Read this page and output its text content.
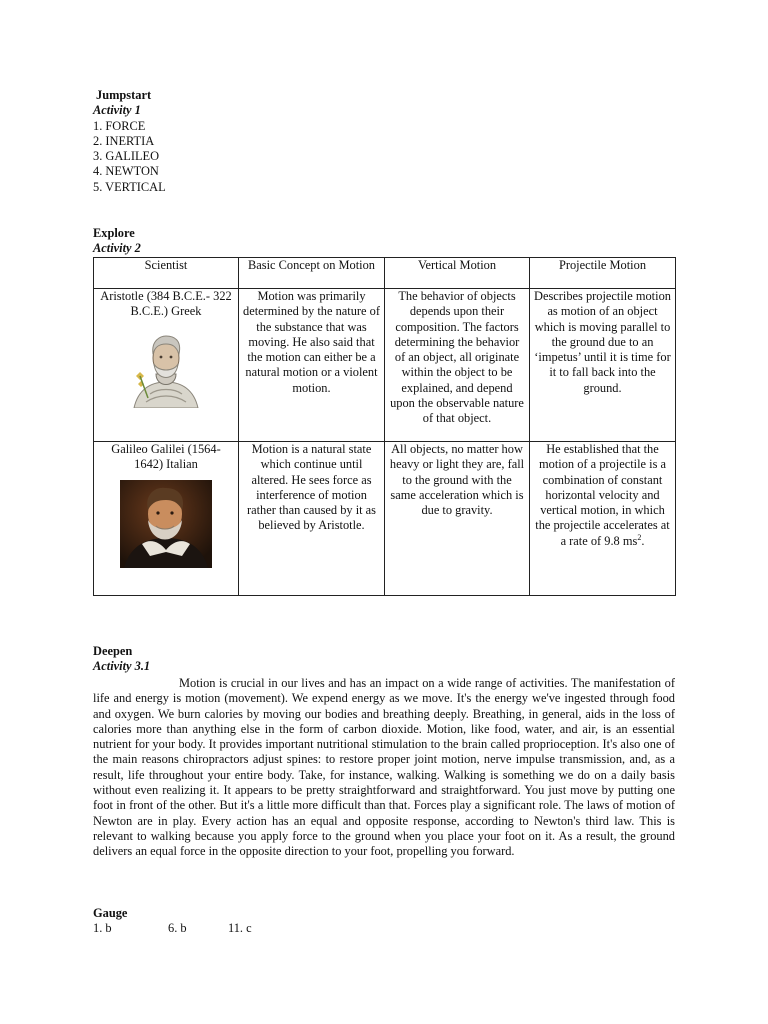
Jumpstart
Activity 1
1. FORCE
2. INERTIA
3. GALILEO
4. NEWTON
5. VERTICAL
Explore
Activity 2
Scientist	Basic Concept on Motion	Vertical Motion	Projectile Motion

Aristotle (384 B.C.E.- 322 B.C.E.) Greek	Motion was primarily determined by the nature of the substance that was moving. He also said that the motion can either be a natural motion or a violent motion.	The behavior of objects depends upon their composition. The factors determining the behavior of an object, all originate within the object to be explained, and depend upon the observable nature of that object.	Describes projectile motion as motion of an object which is moving parallel to the ground due to an ‘impetus’ until it is time for it to fall back into the ground.

Galileo Galilei (1564- 1642) Italian	Motion is a natural state which continue until altered. He sees force as interference of motion rather than caused by it as believed by Aristotle.	All objects, no matter how heavy or light they are, fall to the ground with the same acceleration which is due to gravity.	He established that the motion of a projectile is a combination of constant horizontal velocity and vertical motion, in which the projectile accelerates at a rate of 9.8 $ms^2$.
Deepen
Activity 3.1
Motion is crucial in our lives and has an impact on a wide range of activities. The manifestation of life and energy is motion (movement). We expend energy as we move. It's the energy we've ingested through food and oxygen. We burn calories by moving our bodies and breathing deeply. Breathing, in general, aids in the loss of calories more than anything else in the form of carbon dioxide. Motion, like food, water, and air, is an essential nutrient for your body. It provides important nutritional stimulation to the brain called proprioception. It's also one of the main reasons chiropractors adjust spines: to restore proper joint motion, nerve impulse transmission, and, as a result, life throughout your entire body. Take, for instance, walking. Walking is something we do on a daily basis without even realizing it. It appears to be pretty straightforward and straightforward. You just move by putting one foot in front of the other. But it's a little more difficult than that. Forces play a significant role. The laws of motion of Newton are in play. Every action has an equal and opposite response, according to Newton's third law. This is relevant to walking because you apply force to the ground when you place your foot on it. As a result, the ground delivers an equal force in the opposite direction to your foot, propelling you forward.
Gauge
1. b	6. b	11. c
